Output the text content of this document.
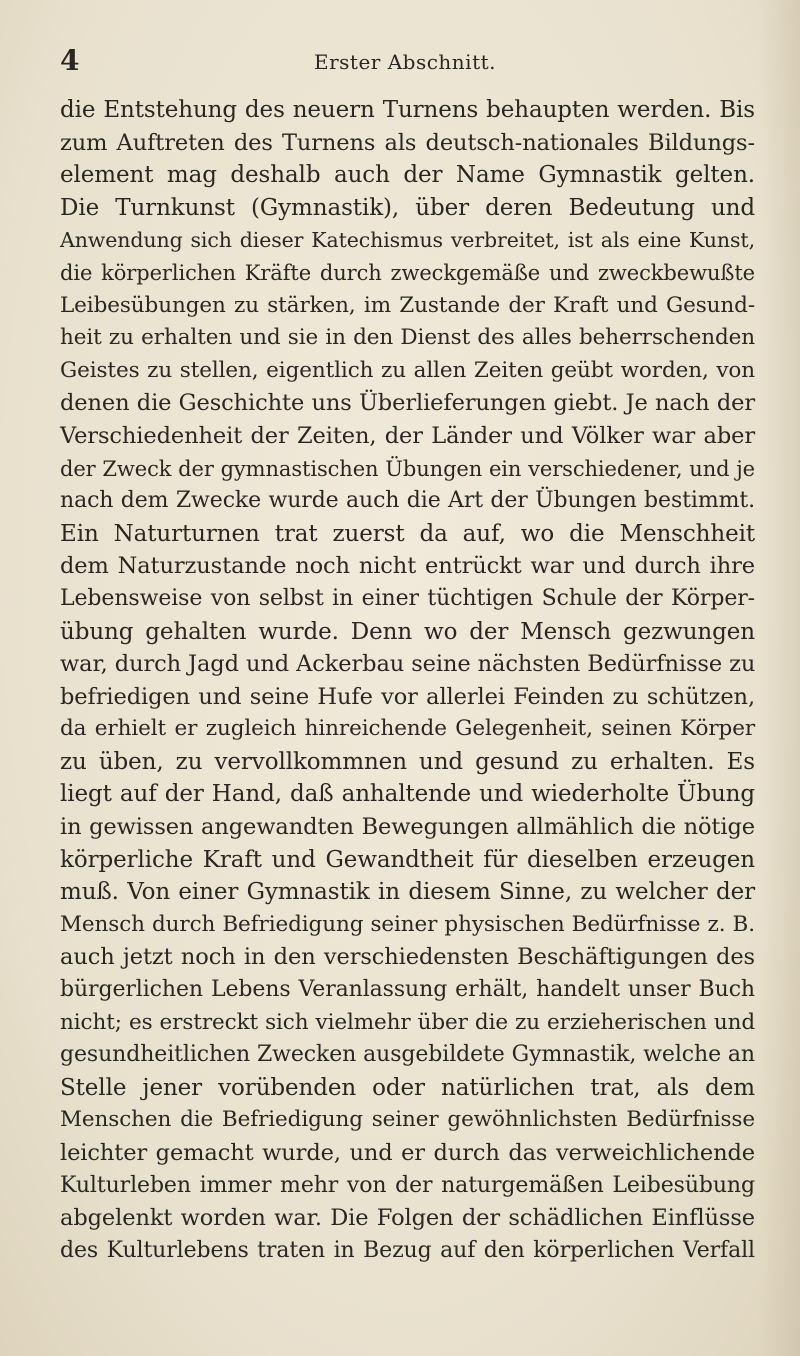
4	Erster Abschnitt.
die Entstehung des neuern Turnens behaupten werden. Bis
zum Auftreten des Turnens als deutsch-nationales Bildungs-
element mag deshalb auch der Name Gymnastik gelten.
Die Turnkunst (Gymnastik), über deren Bedeutung und
Anwendung sich dieser Katechismus verbreitet, ist als eine Kunst,
die körperlichen Kräfte durch zweckgemäße und zweckbewußte
Leibesübungen zu stärken, im Zustande der Kraft und Gesund-
heit zu erhalten und sie in den Dienst des alles beherrschenden
Geistes zu stellen, eigentlich zu allen Zeiten geübt worden, von
denen die Geschichte uns Überlieferungen giebt. Je nach der
Verschiedenheit der Zeiten, der Länder und Völker war aber
der Zweck der gymnastischen Übungen ein verschiedener, und je
nach dem Zwecke wurde auch die Art der Übungen bestimmt.
Ein Naturturnen trat zuerst da auf, wo die Menschheit
dem Naturzustande noch nicht entrückt war und durch ihre
Lebensweise von selbst in einer tüchtigen Schule der Körper-
übung gehalten wurde. Denn wo der Mensch gezwungen
war, durch Jagd und Ackerbau seine nächsten Bedürfnisse zu
befriedigen und seine Hufe vor allerlei Feinden zu schützen,
da erhielt er zugleich hinreichende Gelegenheit, seinen Körper
zu üben, zu vervollkommnen und gesund zu erhalten. Es
liegt auf der Hand, daß anhaltende und wiederholte Übung
in gewissen angewandten Bewegungen allmählich die nötige
körperliche Kraft und Gewandtheit für dieselben erzeugen
muß. Von einer Gymnastik in diesem Sinne, zu welcher der
Mensch durch Befriedigung seiner physischen Bedürfnisse z. B.
auch jetzt noch in den verschiedensten Beschäftigungen des
bürgerlichen Lebens Veranlassung erhält, handelt unser Buch
nicht; es erstreckt sich vielmehr über die zu erzieherischen und
gesundheitlichen Zwecken ausgebildete Gymnastik, welche an
Stelle jener vorübenden oder natürlichen trat, als dem
Menschen die Befriedigung seiner gewöhnlichsten Bedürfnisse
leichter gemacht wurde, und er durch das verweichlichende
Kulturleben immer mehr von der naturgemäßen Leibesübung
abgelenkt worden war. Die Folgen der schädlichen Einflüsse
des Kulturlebens traten in Bezug auf den körperlichen Verfall
